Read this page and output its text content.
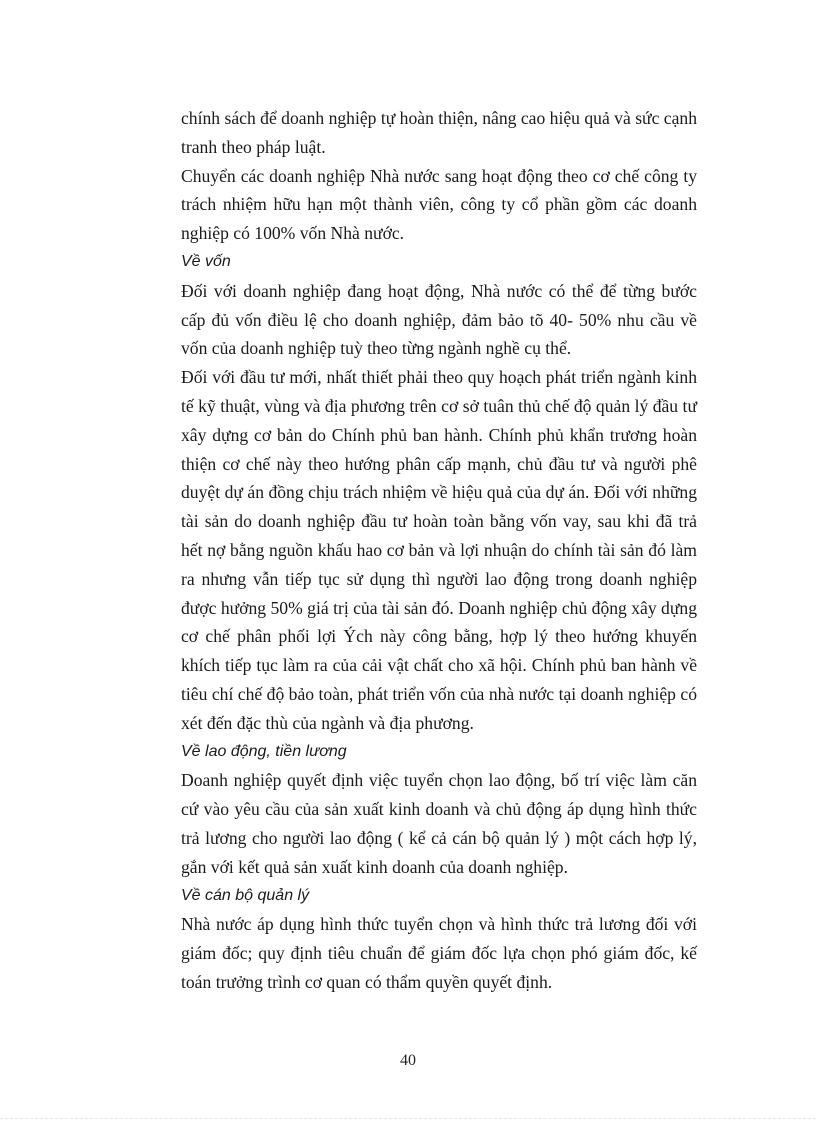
chính sách để doanh nghiệp tự hoàn thiện, nâng cao hiệu quả và sức cạnh tranh theo pháp luật.

Chuyển các doanh nghiệp Nhà nước sang hoạt động theo cơ chế công ty trách nhiệm hữu hạn một thành viên, công ty cổ phần gồm các doanh nghiệp có 100% vốn Nhà nước.

Về vốn

Đối với doanh nghiệp đang hoạt động, Nhà nước có thể để từng bước cấp đủ vốn điều lệ cho doanh nghiệp, đảm bảo tõ 40- 50% nhu cầu về vốn của doanh nghiệp tuỳ theo từng ngành nghề cụ thể.

Đối với đầu tư mới, nhất thiết phải theo quy hoạch phát triển ngành kinh tế kỹ thuật, vùng và địa phương trên cơ sở tuân thủ chế độ quản lý đầu tư xây dựng cơ bản do Chính phủ ban hành. Chính phủ khẩn trương hoàn thiện cơ chế này theo hướng phân cấp mạnh, chủ đầu tư và người phê duyệt dự án đồng chịu trách nhiệm về hiệu quả của dự án. Đối với những tài sản do doanh nghiệp đầu tư hoàn toàn bằng vốn vay, sau khi đã trả hết nợ bằng nguồn khấu hao cơ bản và lợi nhuận do chính tài sản đó làm ra nhưng vẫn tiếp tục sử dụng thì người lao động trong doanh nghiệp được hưởng 50% giá trị của tài sản đó. Doanh nghiệp chủ động xây dựng cơ chế phân phối lợi Ých này công bằng, hợp lý theo hướng khuyến khích tiếp tục làm ra của cải vật chất cho xã hội. Chính phủ ban hành về tiêu chí chế độ bảo toàn, phát triển vốn của nhà nước tại doanh nghiệp có xét đến đặc thù của ngành và địa phương.

Về lao động, tiền lương

Doanh nghiệp quyết định việc tuyển chọn lao động, bố trí việc làm căn cứ vào yêu cầu của sản xuất kinh doanh và chủ động áp dụng hình thức trả lương cho người lao động ( kể cả cán bộ quản lý ) một cách hợp lý, gắn với kết quả sản xuất kinh doanh của doanh nghiệp.

Về cán bộ quản lý

Nhà nước áp dụng hình thức tuyển chọn và hình thức trả lương đối với giám đốc; quy định tiêu chuẩn để giám đốc lựa chọn phó giám đốc, kế toán trưởng trình cơ quan có thẩm quyền quyết định.

40
